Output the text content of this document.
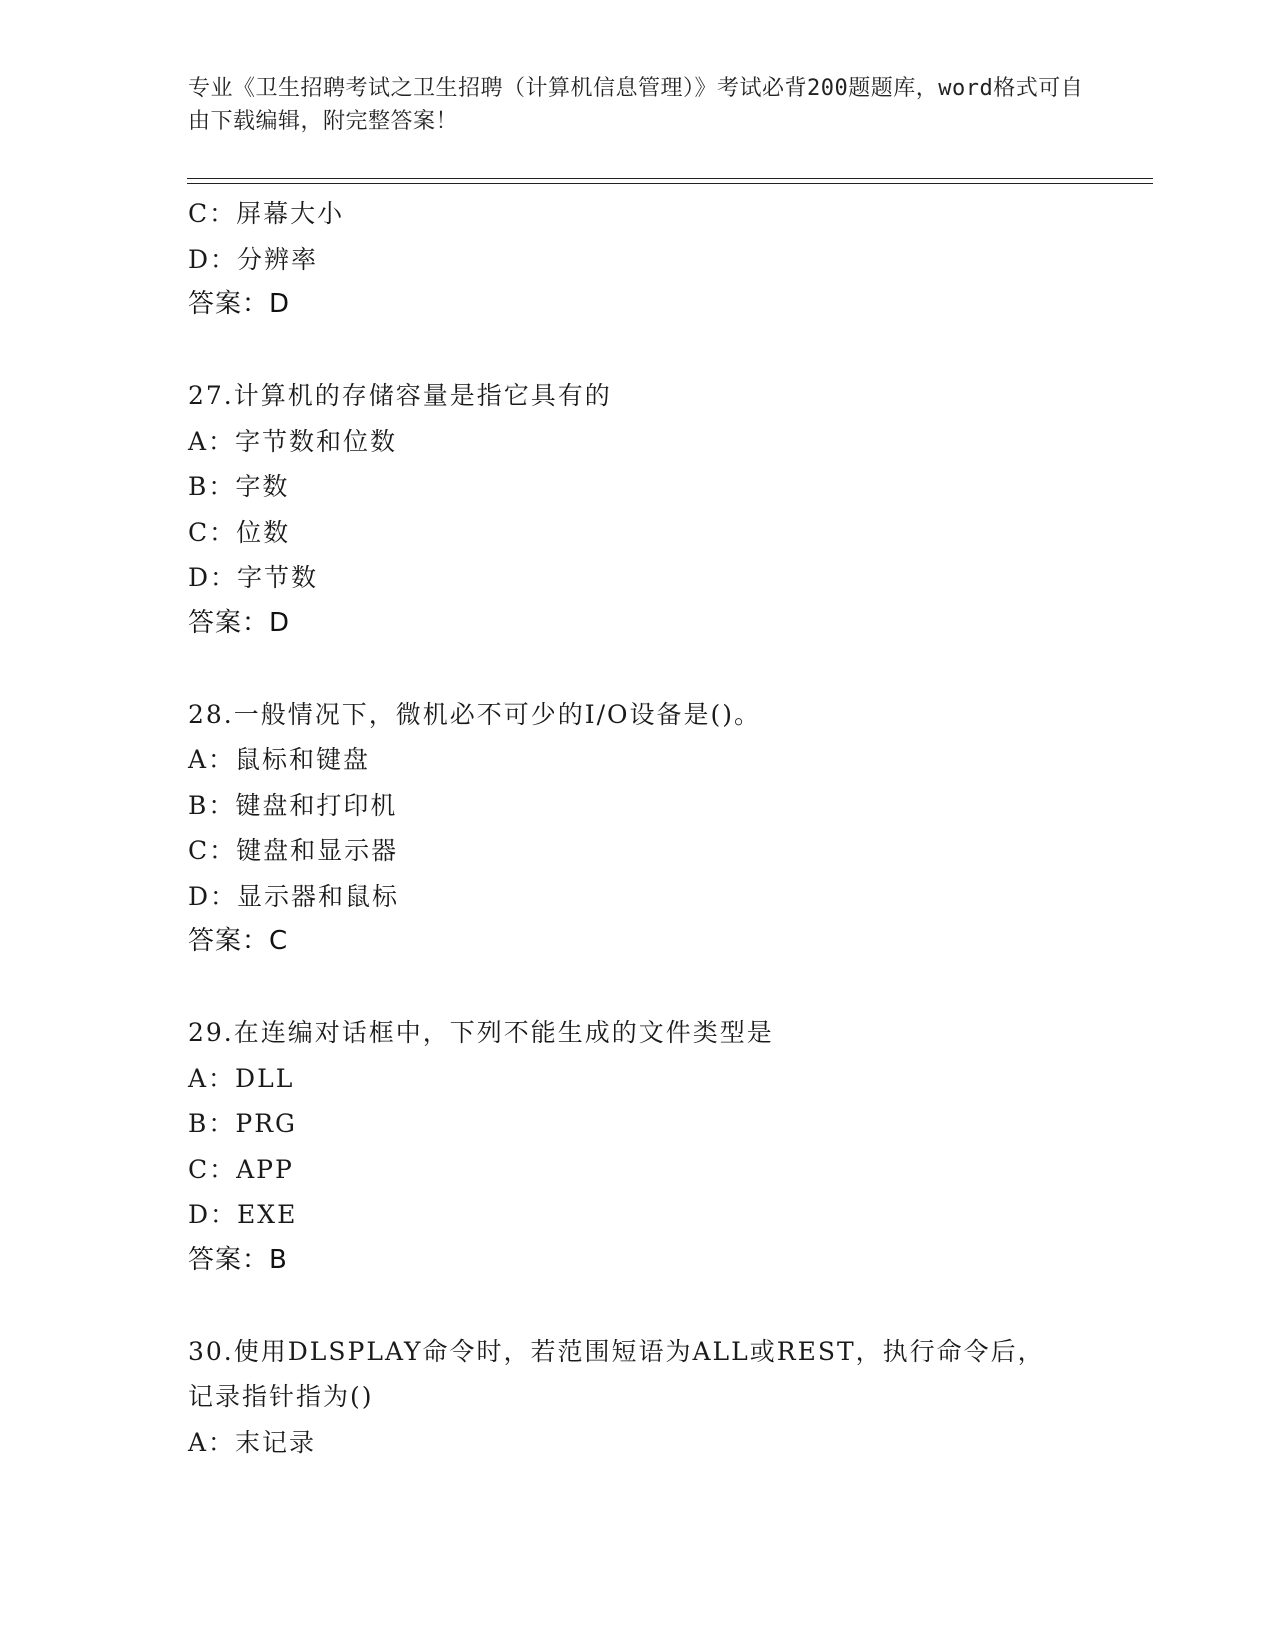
专业《卫生招聘考试之卫生招聘（计算机信息管理）》考试必背200题题库，word格式可自由下载编辑，附完整答案！
C：屏幕大小
D：分辨率
答案：D
27.计算机的存储容量是指它具有的
A：字节数和位数
B：字数
C：位数
D：字节数
答案：D
28.一般情况下，微机必不可少的I/O设备是()。
A：鼠标和键盘
B：键盘和打印机
C：键盘和显示器
D：显示器和鼠标
答案：C
29.在连编对话框中，下列不能生成的文件类型是
A：DLL
B：PRG
C：APP
D：EXE
答案：B
30.使用DLSPLAY命令时，若范围短语为ALL或REST，执行命令后，记录指针指为()
A：末记录
